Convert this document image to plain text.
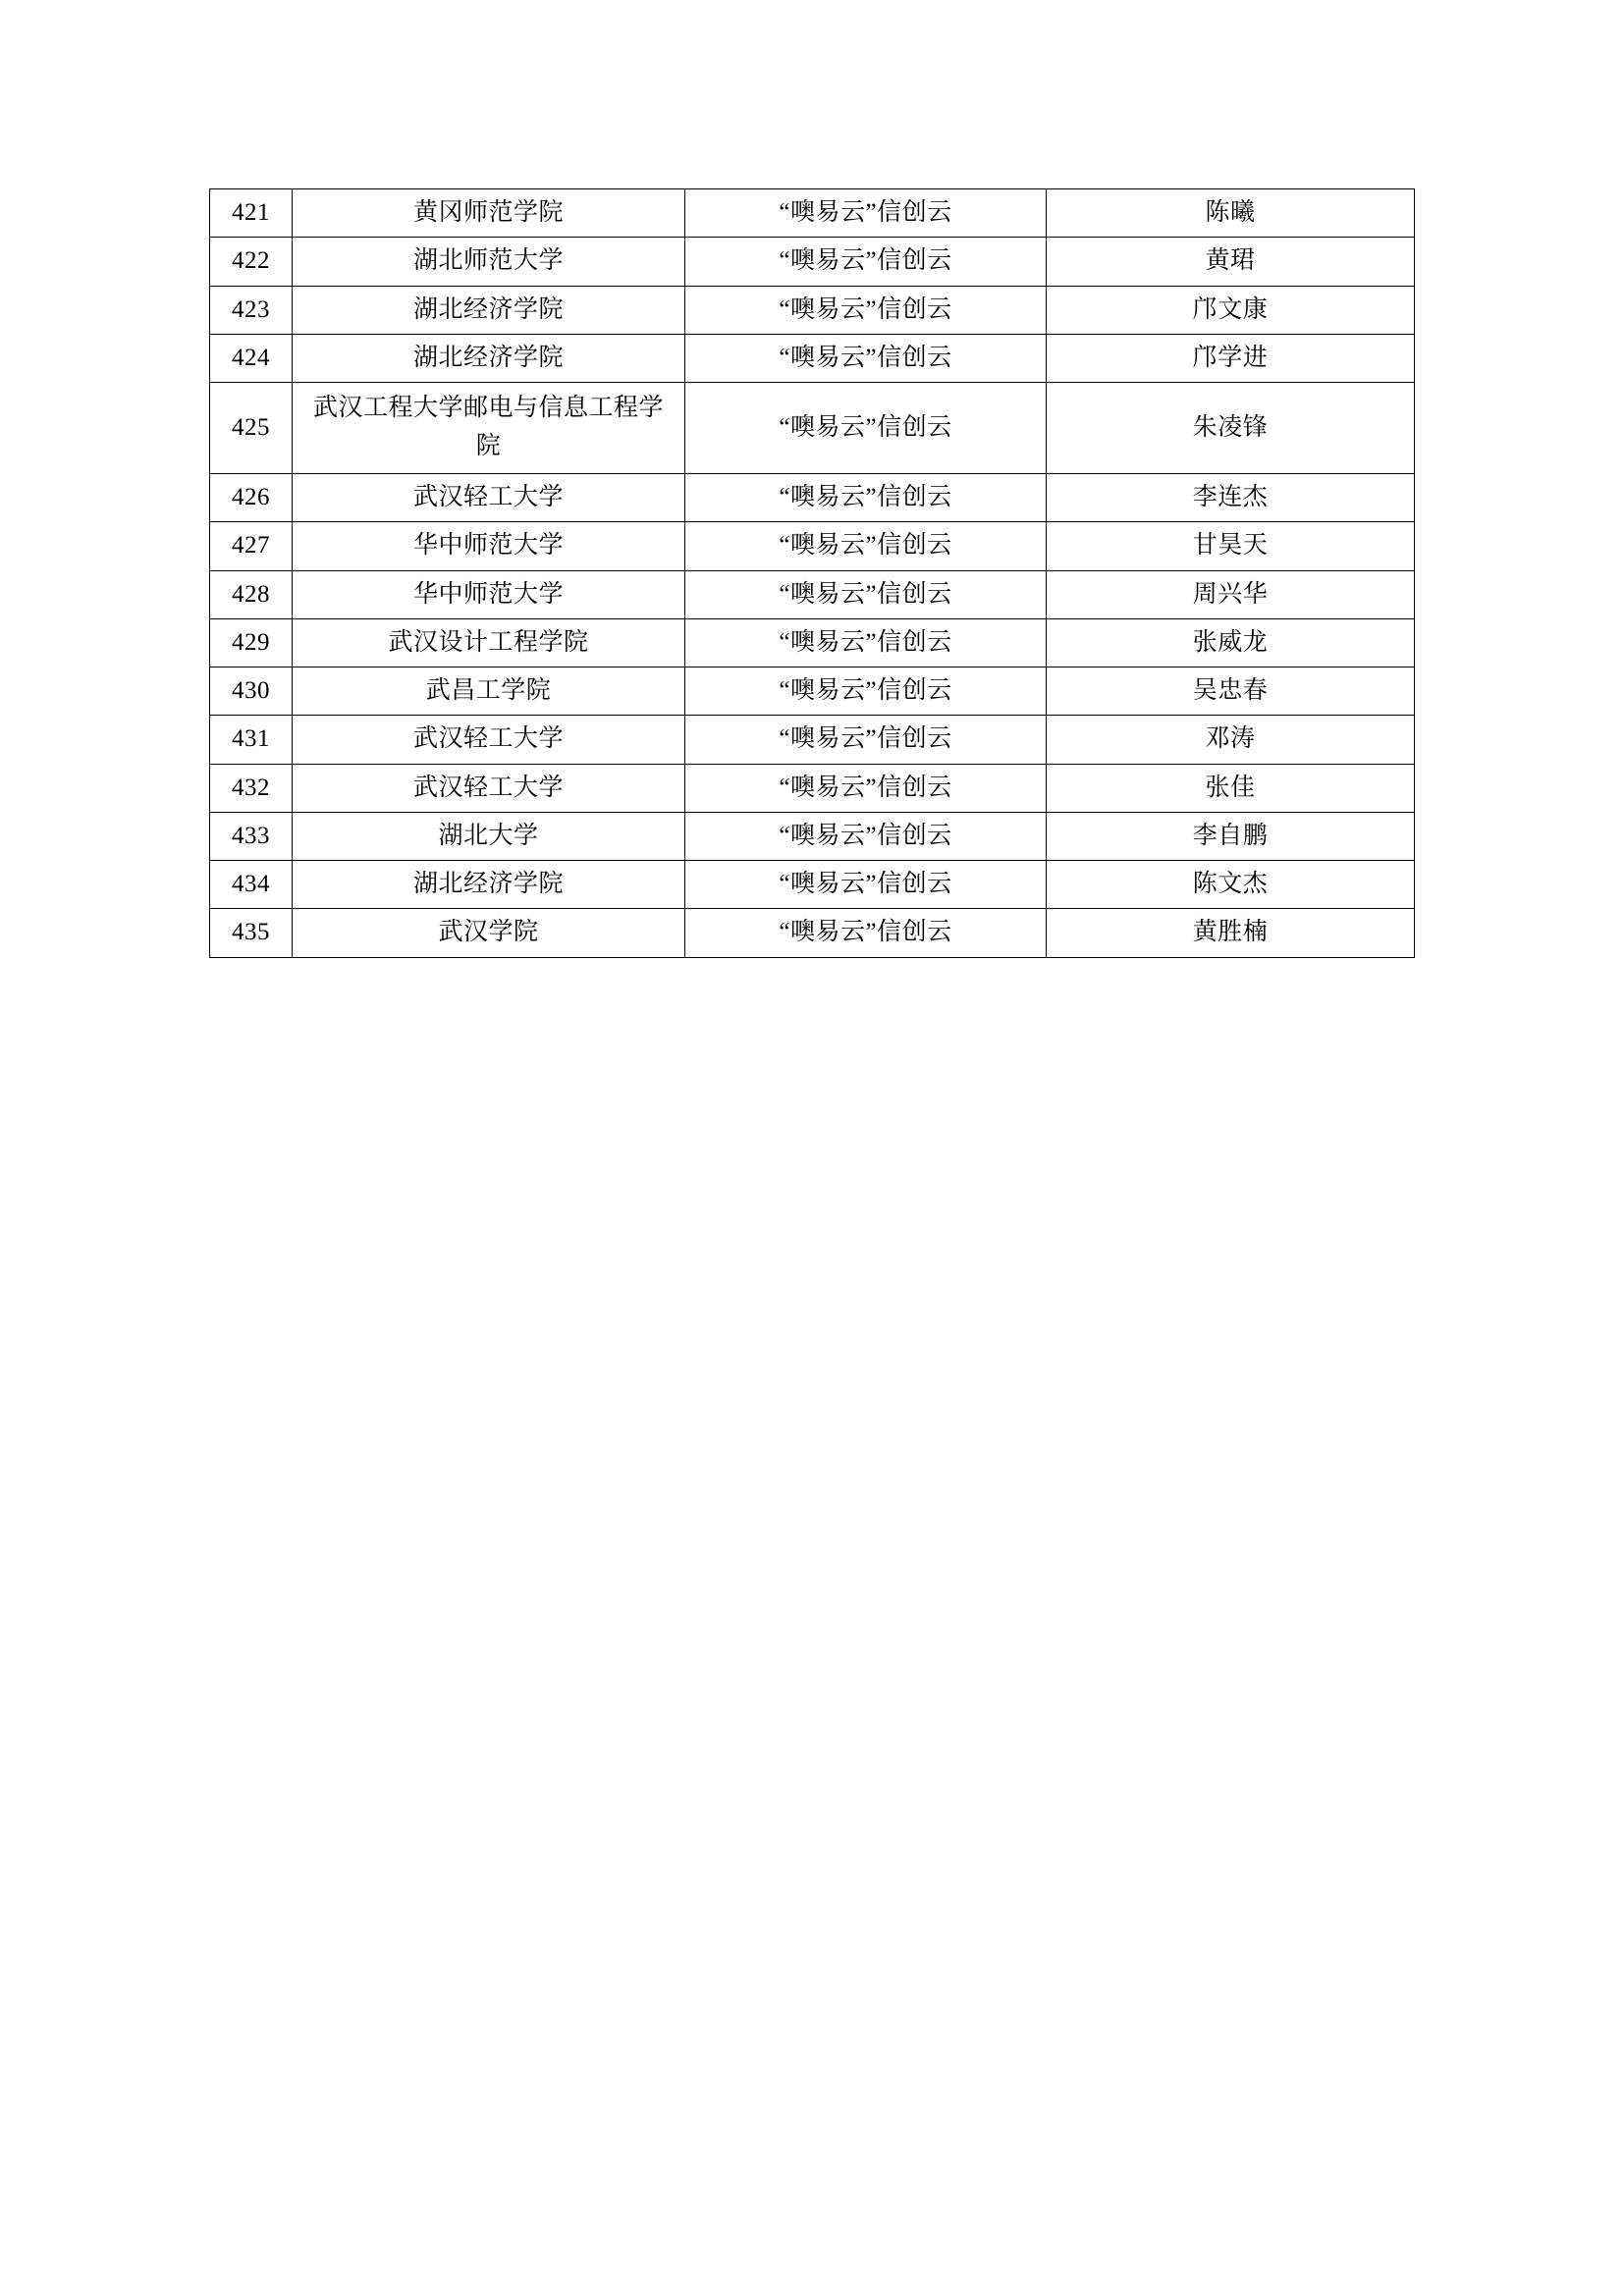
421	黄冈师范学院	“噢易云”信创云	陈曦
422	湖北师范大学	“噢易云”信创云	黄珺
423	湖北经济学院	“噢易云”信创云	邝文康
424	湖北经济学院	“噢易云”信创云	邝学进
425	武汉工程大学邮电与信息工程学院	“噢易云”信创云	朱凌锋
426	武汉轻工大学	“噢易云”信创云	李连杰
427	华中师范大学	“噢易云”信创云	甘昊天
428	华中师范大学	“噢易云”信创云	周兴华
429	武汉设计工程学院	“噢易云”信创云	张威龙
430	武昌工学院	“噢易云”信创云	吴忠春
431	武汉轻工大学	“噢易云”信创云	邓涛
432	武汉轻工大学	“噢易云”信创云	张佳
433	湖北大学	“噢易云”信创云	李自鹏
434	湖北经济学院	“噢易云”信创云	陈文杰
435	武汉学院	“噢易云”信创云	黄胜楠
